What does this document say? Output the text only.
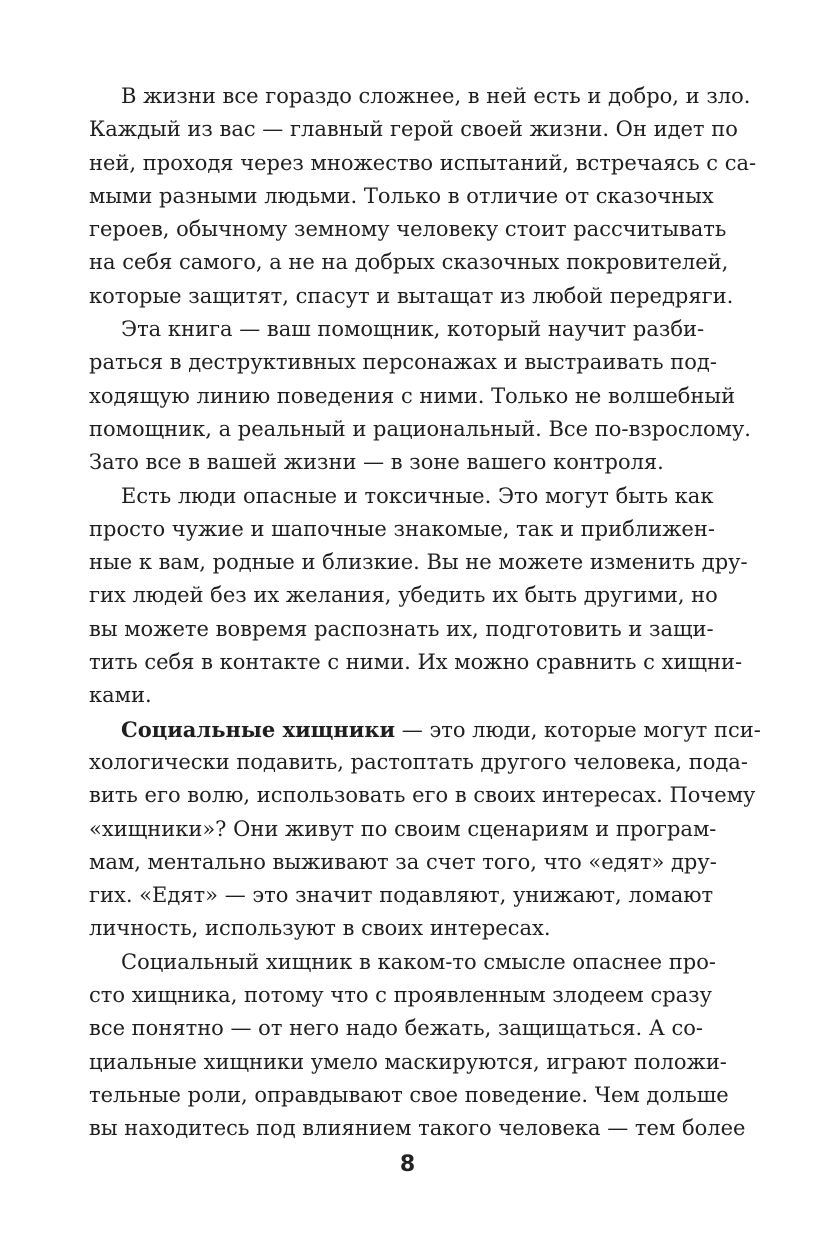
В жизни все гораздо сложнее, в ней есть и добро, и зло.
Каждый из вас — главный герой своей жизни. Он идет по
ней, проходя через множество испытаний, встречаясь с са-
мыми разными людьми. Только в отличие от сказочных
героев, обычному земному человеку стоит рассчитывать
на себя самого, а не на добрых сказочных покровителей,
которые защитят, спасут и вытащат из любой передряги.
Эта книга — ваш помощник, который научит разби-
раться в деструктивных персонажах и выстраивать под-
ходящую линию поведения с ними. Только не волшебный
помощник, а реальный и рациональный. Все по-взрослому.
Зато все в вашей жизни — в зоне вашего контроля.
Есть люди опасные и токсичные. Это могут быть как
просто чужие и шапочные знакомые, так и приближен-
ные к вам, родные и близкие. Вы не можете изменить дру-
гих людей без их желания, убедить их быть другими, но
вы можете вовремя распознать их, подготовить и защи-
тить себя в контакте с ними. Их можно сравнить с хищни-
ками.
Социальные хищники — это люди, которые могут пси-
хологически подавить, растоптать другого человека, пода-
вить его волю, использовать его в своих интересах. Почему
«хищники»? Они живут по своим сценариям и програм-
мам, ментально выживают за счет того, что «едят» дру-
гих. «Едят» — это значит подавляют, унижают, ломают
личность, используют в своих интересах.
Социальный хищник в каком-то смысле опаснее про-
сто хищника, потому что с проявленным злодеем сразу
все понятно — от него надо бежать, защищаться. А со-
циальные хищники умело маскируются, играют положи-
тельные роли, оправдывают свое поведение. Чем дольше
вы находитесь под влиянием такого человека — тем более
8
